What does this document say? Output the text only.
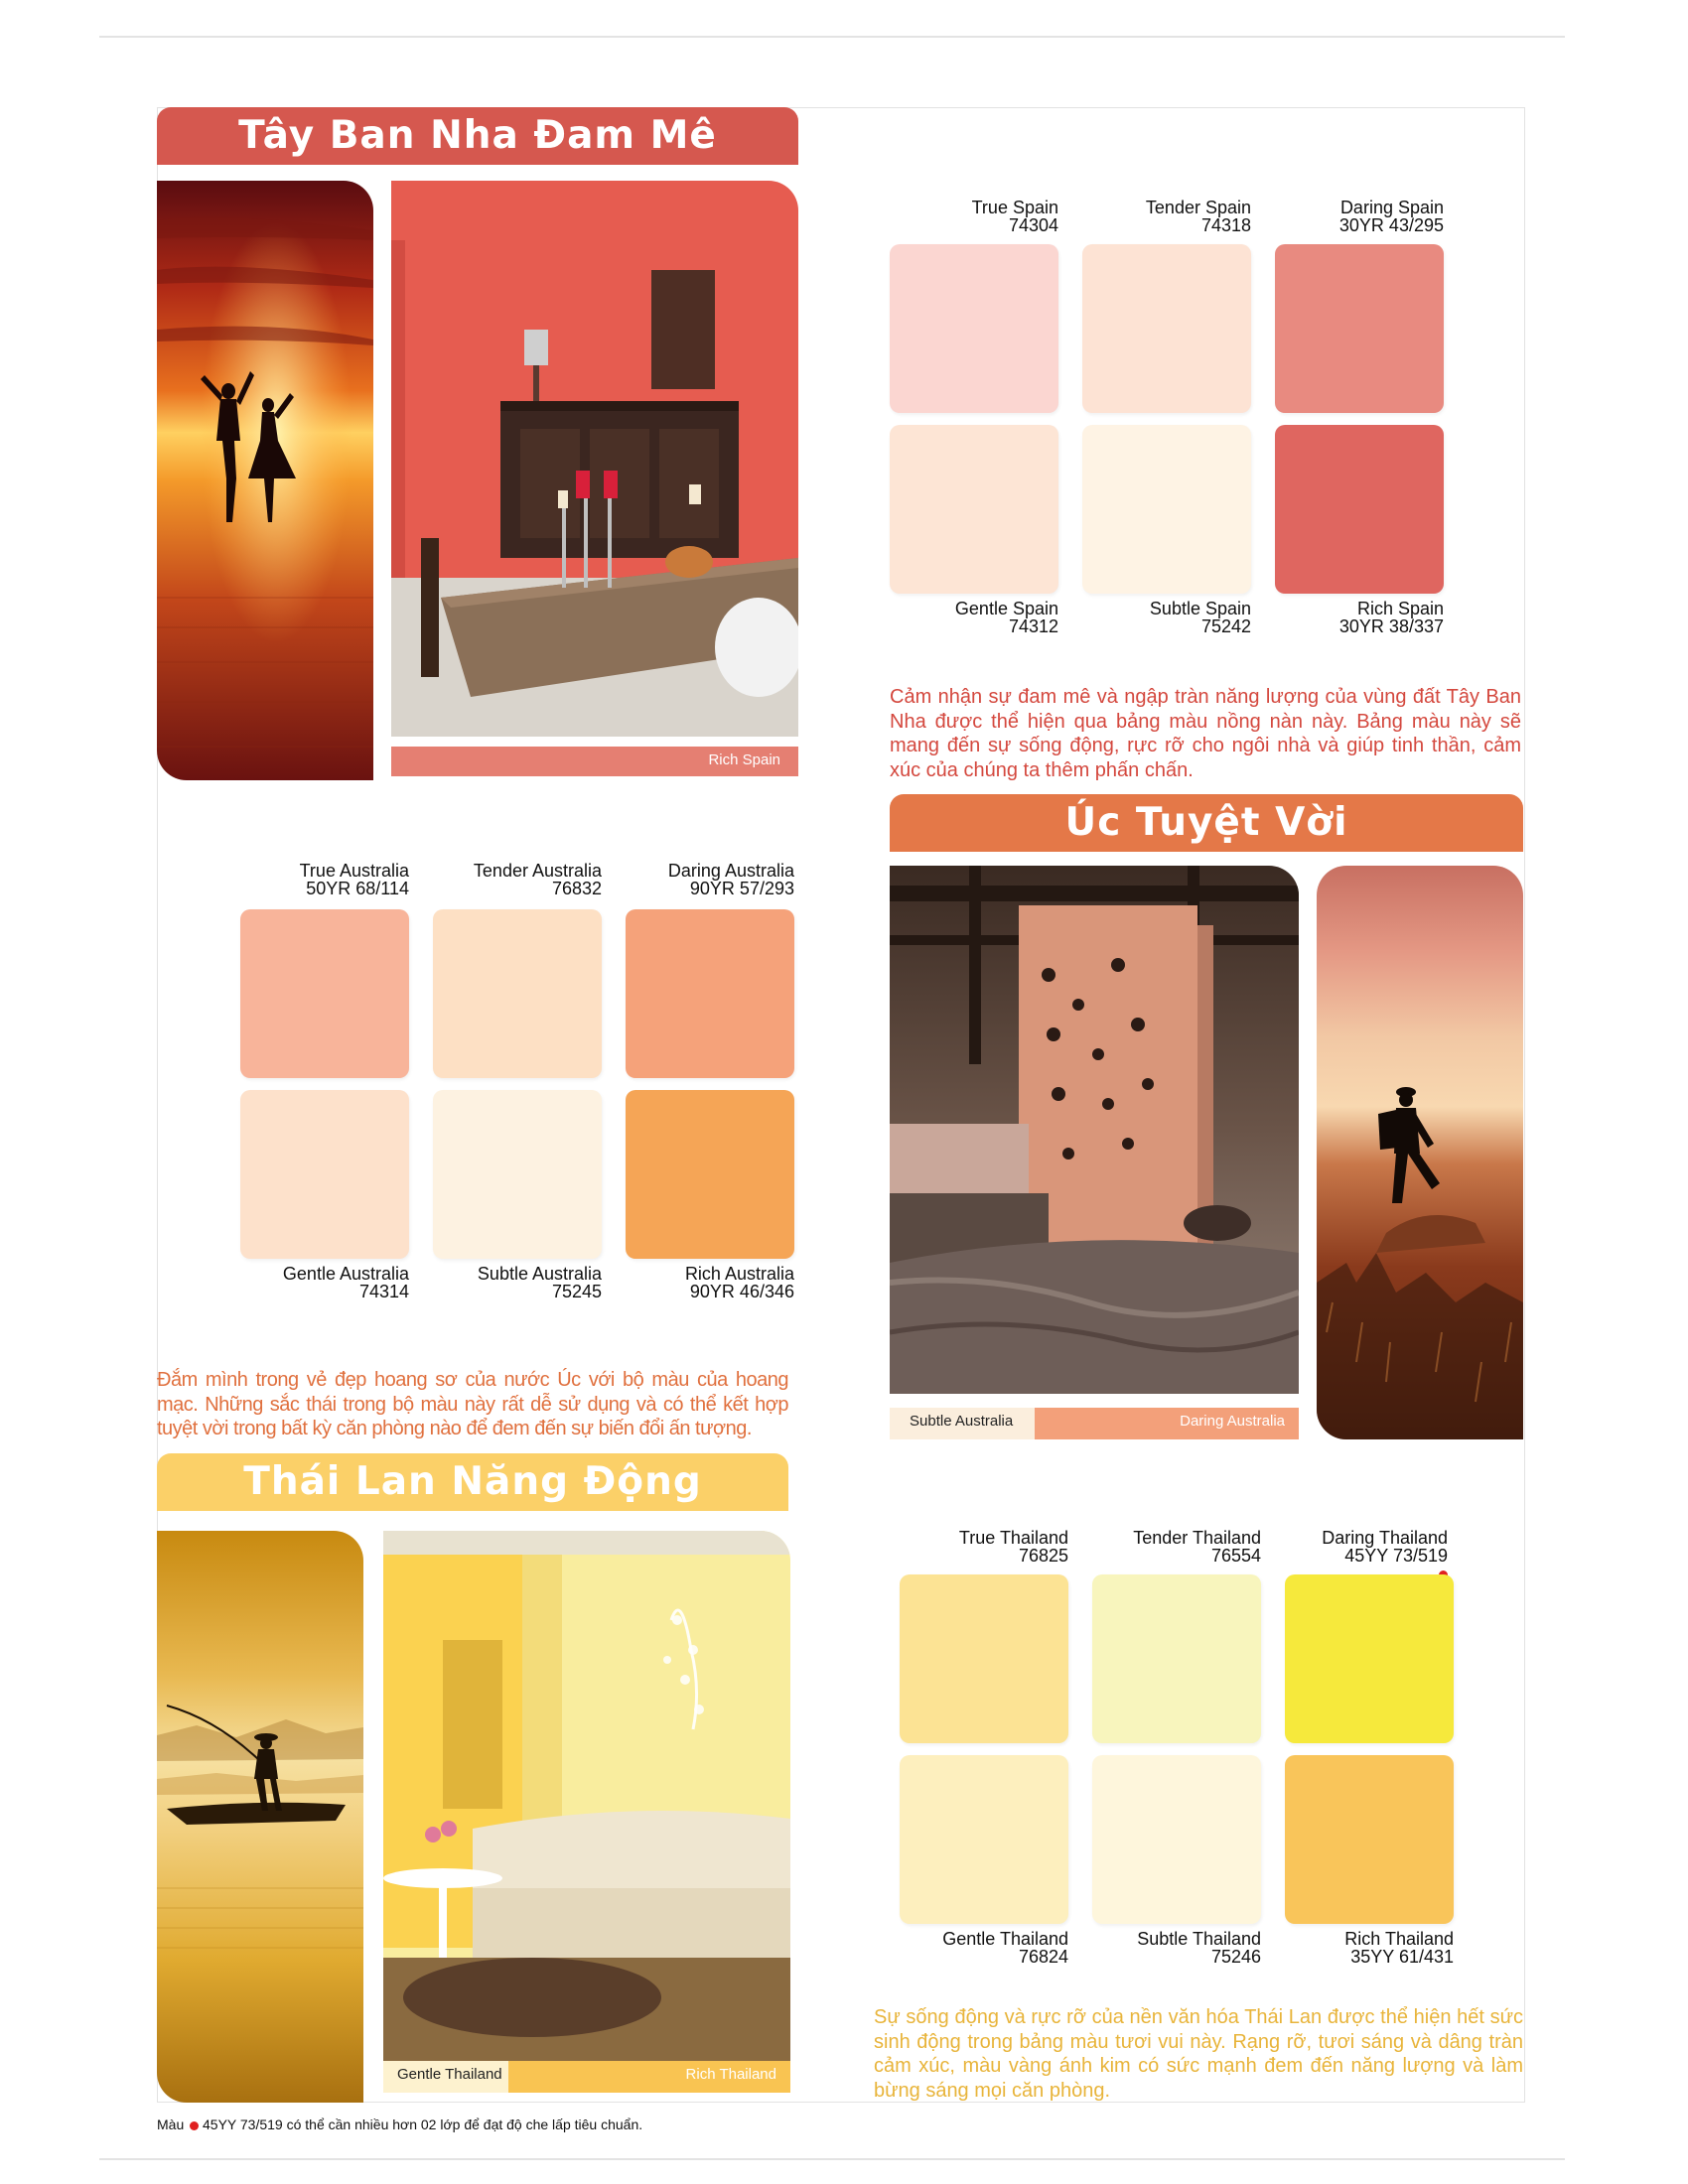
Tây Ban Nha Đam Mê
Rich Spain
True Spain
74304
Tender Spain
74318
Daring Spain
30YR 43/295
Gentle Spain
74312
Subtle Spain
75242
Rich Spain
30YR 38/337
Cảm nhận sự đam mê và ngập tràn năng lượng của vùng đất Tây Ban Nha được thể hiện qua bảng màu nồng nàn này. Bảng màu này sẽ mang đến sự sống động, rực rỡ cho ngôi nhà và giúp tinh thần, cảm xúc của chúng ta thêm phấn chấn.
Úc Tuyệt Vời
True Australia
50YR 68/114
Tender Australia
76832
Daring Australia
90YR 57/293
Gentle Australia
74314
Subtle Australia
75245
Rich Australia
90YR 46/346
Subtle Australia	Daring Australia
Đắm mình trong vẻ đẹp hoang sơ của nước Úc với bộ màu của hoang mạc. Những sắc thái trong bộ màu này rất dễ sử dụng và có thể kết hợp tuyệt vời trong bất kỳ căn phòng nào để đem đến sự biến đổi ấn tượng.
Thái Lan Năng Động
Gentle Thailand	Rich Thailand
True Thailand
76825
Tender Thailand
76554
Daring Thailand
45YY 73/519
Gentle Thailand
76824
Subtle Thailand
75246
Rich Thailand
35YY 61/431
Sự sống động và rực rỡ của nền văn hóa Thái Lan được thể hiện hết sức sinh động trong bảng màu tươi vui này. Rạng rỡ, tươi sáng và dâng tràn cảm xúc, màu vàng ánh kim có sức mạnh đem đến năng lượng và làm bừng sáng mọi căn phòng.
Màu 45YY 73/519 có thể cần nhiều hơn 02 lớp để đạt độ che lấp tiêu chuẩn.
